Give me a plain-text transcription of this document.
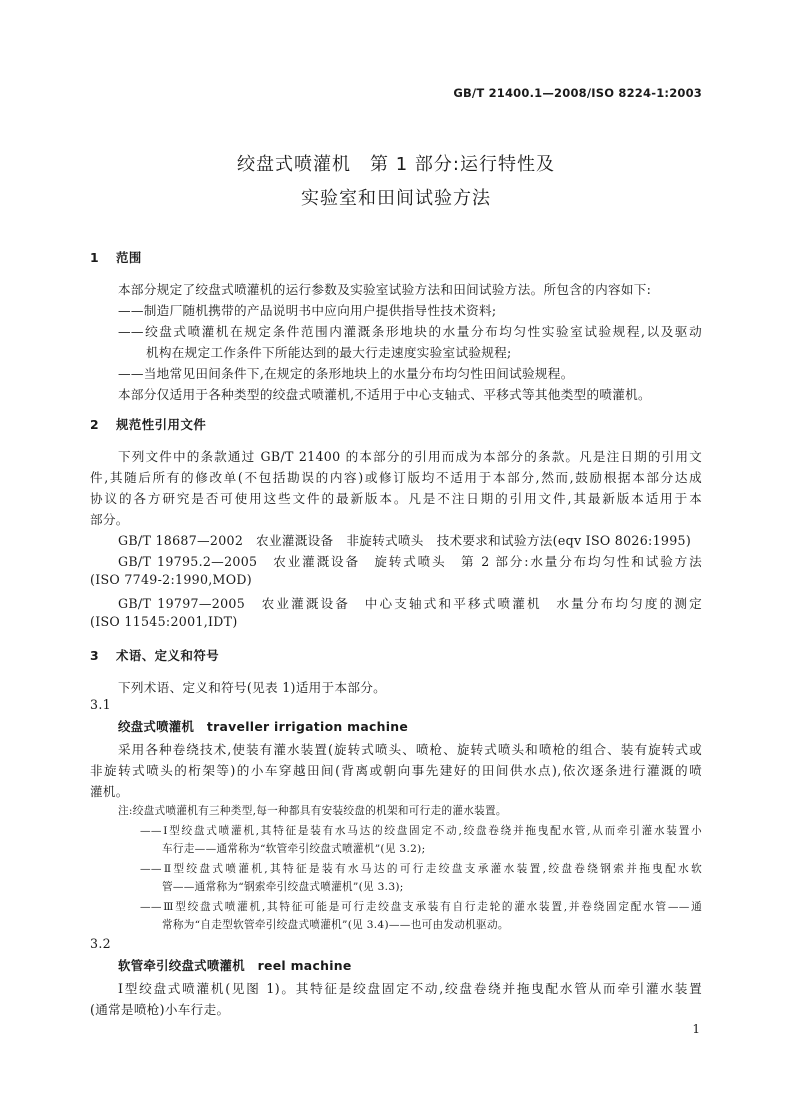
GB/T 21400.1—2008/ISO 8224-1:2003
绞盘式喷灌机　第 1 部分:运行特性及
实验室和田间试验方法
1 范围
本部分规定了绞盘式喷灌机的运行参数及实验室试验方法和田间试验方法。所包含的内容如下:
——制造厂随机携带的产品说明书中应向用户提供指导性技术资料;
——绞盘式喷灌机在规定条件范围内灌溉条形地块的水量分布均匀性实验室试验规程,以及驱动
机构在规定工作条件下所能达到的最大行走速度实验室试验规程;
——当地常见田间条件下,在规定的条形地块上的水量分布均匀性田间试验规程。
本部分仅适用于各种类型的绞盘式喷灌机,不适用于中心支轴式、平移式等其他类型的喷灌机。
2 规范性引用文件
下列文件中的条款通过 GB/T 21400 的本部分的引用而成为本部分的条款。凡是注日期的引用文
件,其随后所有的修改单(不包括勘误的内容)或修订版均不适用于本部分,然而,鼓励根据本部分达成
协议的各方研究是否可使用这些文件的最新版本。凡是不注日期的引用文件,其最新版本适用于本
部分。
GB/T 18687—2002　农业灌溉设备　非旋转式喷头　技术要求和试验方法(eqv ISO 8026:1995)
GB/T 19795.2—2005　农业灌溉设备　旋转式喷头　第 2 部分:水量分布均匀性和试验方法
(ISO 7749-2:1990,MOD)
GB/T 19797—2005　农业灌溉设备　中心支轴式和平移式喷灌机　水量分布均匀度的测定
(ISO 11545:2001,IDT)
3 术语、定义和符号
下列术语、定义和符号(见表 1)适用于本部分。
3.1
绞盘式喷灌机　 traveller irrigation machine
采用各种卷绕技术,使装有灌水装置(旋转式喷头、喷枪、旋转式喷头和喷枪的组合、装有旋转式或
非旋转式喷头的桁架等)的小车穿越田间(背离或朝向事先建好的田间供水点),依次逐条进行灌溉的喷
灌机。
注:绞盘式喷灌机有三种类型,每一种都具有安装绞盘的机架和可行走的灌水装置。
——Ⅰ型绞盘式喷灌机,其特征是装有水马达的绞盘固定不动,绞盘卷绕并拖曳配水管,从而牵引灌水装置小
车行走——通常称为“软管牵引绞盘式喷灌机”(见 3.2);
——Ⅱ型绞盘式喷灌机,其特征是装有水马达的可行走绞盘支承灌水装置,绞盘卷绕钢索并拖曳配水软
管——通常称为“钢索牵引绞盘式喷灌机”(见 3.3);
——Ⅲ型绞盘式喷灌机,其特征可能是可行走绞盘支承装有自行走轮的灌水装置,并卷绕固定配水管——通
常称为“自走型软管牵引绞盘式喷灌机”(见 3.4)——也可由发动机驱动。
3.2
软管牵引绞盘式喷灌机　 reel machine
Ⅰ型绞盘式喷灌机(见图 1)。其特征是绞盘固定不动,绞盘卷绕并拖曳配水管从而牵引灌水装置
(通常是喷枪)小车行走。
1
